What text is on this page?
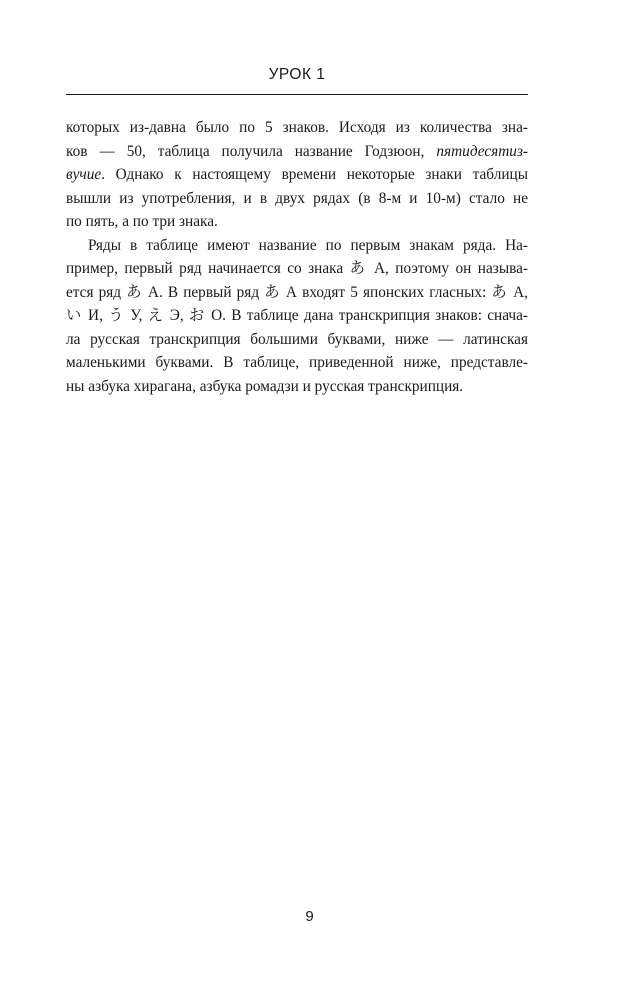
УРОК 1
которых из-давна было по 5 знаков. Исходя из количества зна-
ков — 50, таблица получила название Годзюон, пятидесятиз-
вучие. Однако к настоящему времени некоторые знаки таблицы
вышли из употребления, и в двух рядах (в 8-м и 10-м) стало не
по пять, а по три знака.
Ряды в таблице имеют название по первым знакам ряда. На-
пример, первый ряд начинается со знака あ А, поэтому он называ-
ется ряд あ А. В первый ряд あ А входят 5 японских гласных: あ А,
い И, う У, え Э, お О. В таблице дана транскрипция знаков: снача-
ла русская транскрипция большими буквами, ниже — латинская
маленькими буквами. В таблице, приведенной ниже, представле-
ны азбука хирагана, азбука ромадзи и русская транскрипция.
9
